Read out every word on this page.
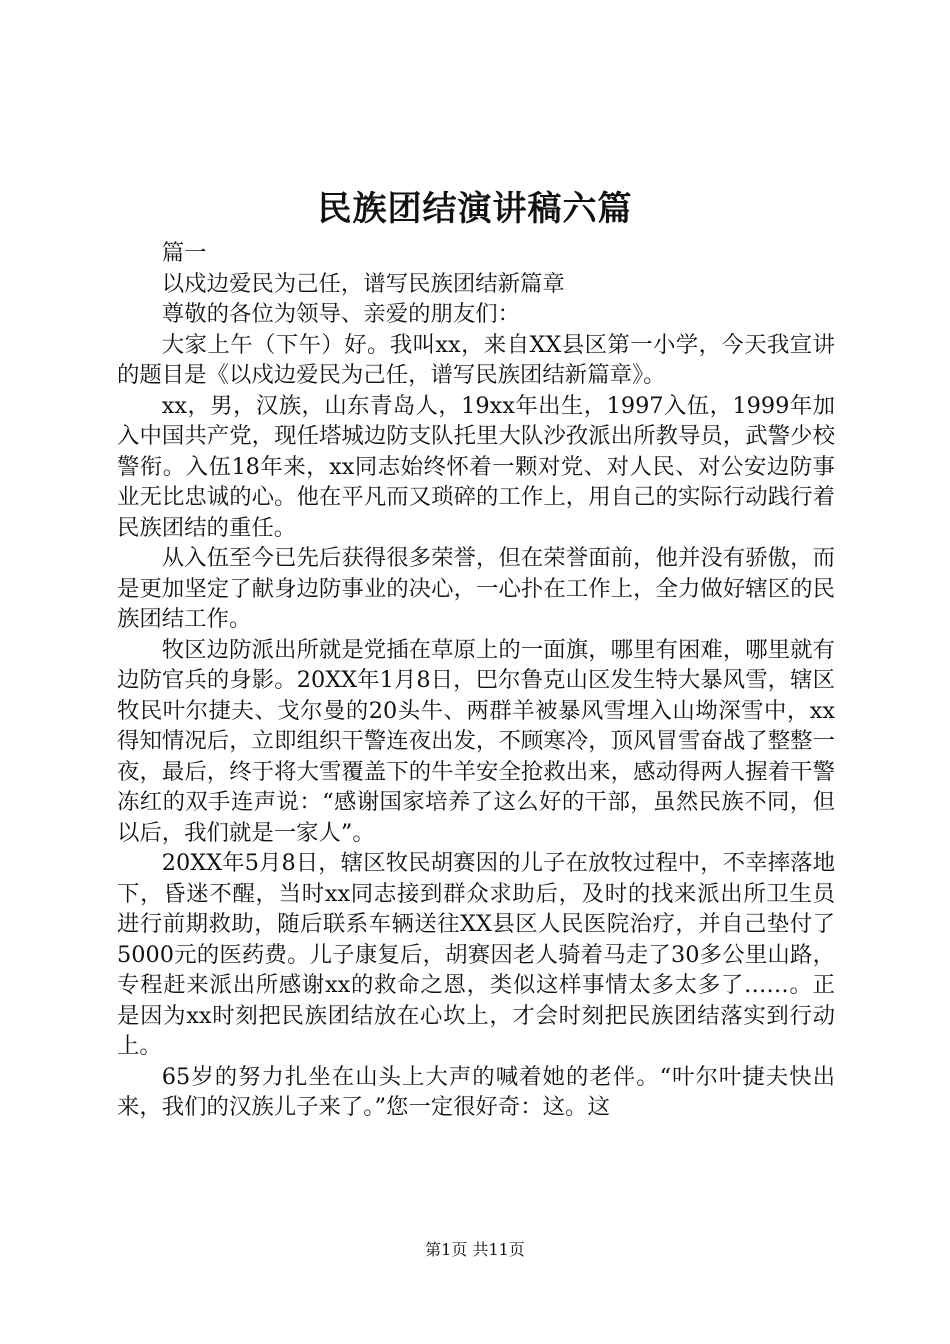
民族团结演讲稿六篇

篇一

以戍边爱民为己任，谱写民族团结新篇章

尊敬的各位为领导、亲爱的朋友们：

大家上午（下午）好。我叫xx，来自XX县区第一小学，今天我宣讲的题目是《以戍边爱民为己任，谱写民族团结新篇章》。

xx，男，汉族，山东青岛人，19xx年出生，1997入伍，1999年加入中国共产党，现任塔城边防支队托里大队沙孜派出所教导员，武警少校警衔。入伍18年来，xx同志始终怀着一颗对党、对人民、对公安边防事业无比忠诚的心。他在平凡而又琐碎的工作上，用自己的实际行动践行着民族团结的重任。

从入伍至今已先后获得很多荣誉，但在荣誉面前，他并没有骄傲，而是更加坚定了献身边防事业的决心，一心扑在工作上，全力做好辖区的民族团结工作。

牧区边防派出所就是党插在草原上的一面旗，哪里有困难，哪里就有边防官兵的身影。20XX年1月8日，巴尔鲁克山区发生特大暴风雪，辖区牧民叶尔捷夫、戈尔曼的20头牛、两群羊被暴风雪埋入山坳深雪中，xx得知情况后，立即组织干警连夜出发，不顾寒冷，顶风冒雪奋战了整整一夜，最后，终于将大雪覆盖下的牛羊安全抢救出来，感动得两人握着干警冻红的双手连声说：“感谢国家培养了这么好的干部，虽然民族不同，但以后，我们就是一家人”。

20XX年5月8日，辖区牧民胡赛因的儿子在放牧过程中，不幸摔落地下，昏迷不醒，当时xx同志接到群众求助后，及时的找来派出所卫生员进行前期救助，随后联系车辆送往XX县区人民医院治疗，并自己垫付了5000元的医药费。儿子康复后，胡赛因老人骑着马走了30多公里山路，专程赶来派出所感谢xx的救命之恩，类似这样事情太多太多了……。正是因为xx时刻把民族团结放在心坎上，才会时刻把民族团结落实到行动上。

65岁的努力扎坐在山头上大声的喊着她的老伴。“叶尔叶捷夫快出来，我们的汉族儿子来了。”您一定很好奇：这。这

第1页 共11页
